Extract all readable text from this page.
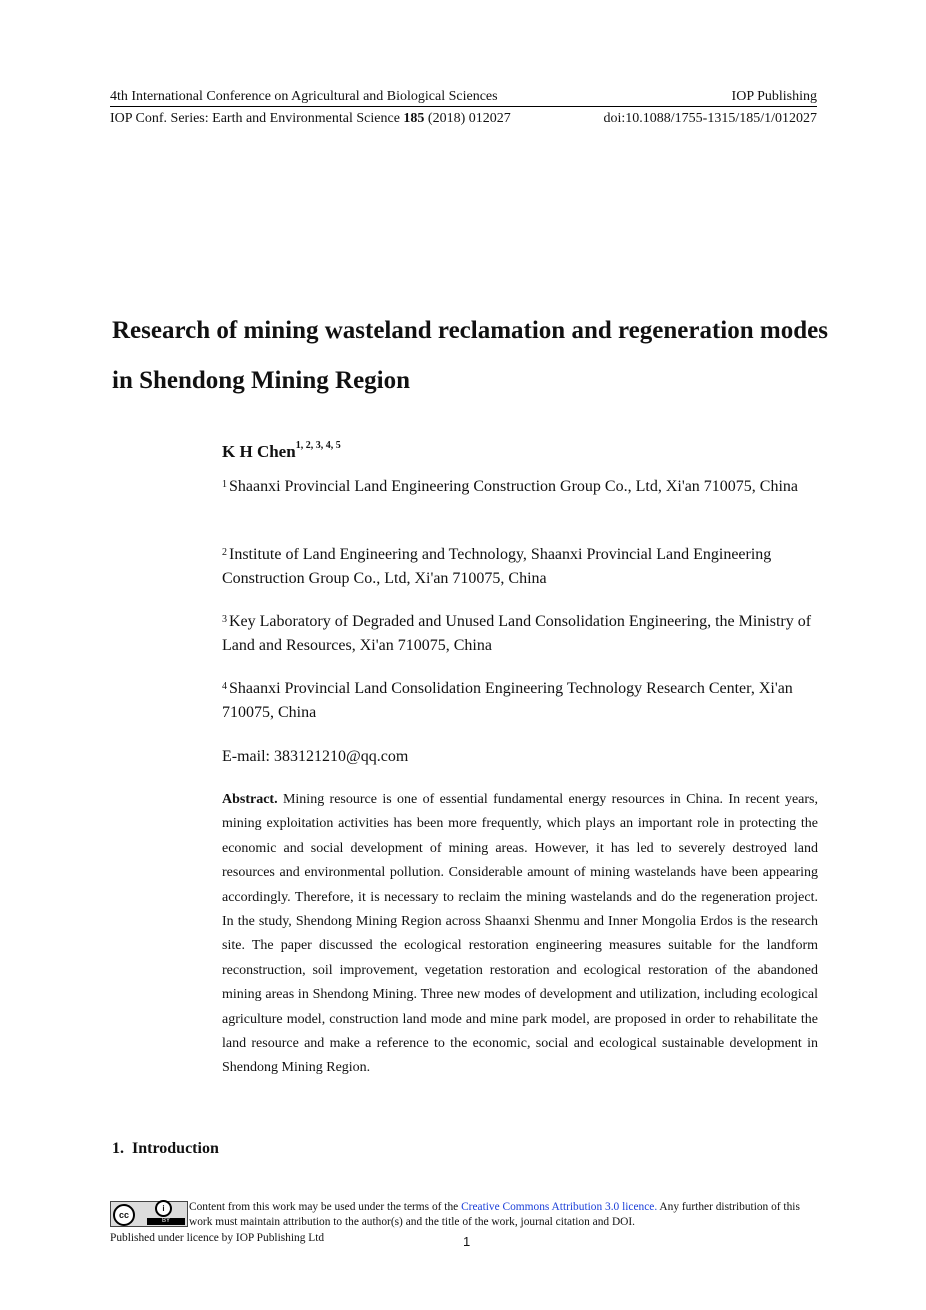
4th International Conference on Agricultural and Biological Sciences	IOP Publishing
IOP Conf. Series: Earth and Environmental Science 185 (2018) 012027	doi:10.1088/1755-1315/185/1/012027
Research of mining wasteland reclamation and regeneration modes in Shendong Mining Region
K H Chen$^{1, 2, 3, 4, 5}$
$^1$ Shaanxi Provincial Land Engineering Construction Group Co., Ltd, Xi'an 710075, China
$^2$ Institute of Land Engineering and Technology, Shaanxi Provincial Land Engineering Construction Group Co., Ltd, Xi'an 710075, China
$^3$ Key Laboratory of Degraded and Unused Land Consolidation Engineering, the Ministry of Land and Resources, Xi'an 710075, China
$^4$ Shaanxi Provincial Land Consolidation Engineering Technology Research Center, Xi'an 710075, China
E-mail: 383121210@qq.com
Abstract. Mining resource is one of essential fundamental energy resources in China. In recent years, mining exploitation activities has been more frequently, which plays an important role in protecting the economic and social development of mining areas. However, it has led to severely destroyed land resources and environmental pollution. Considerable amount of mining wastelands have been appearing accordingly. Therefore, it is necessary to reclaim the mining wastelands and do the regeneration project. In the study, Shendong Mining Region across Shaanxi Shenmu and Inner Mongolia Erdos is the research site. The paper discussed the ecological restoration engineering measures suitable for the landform reconstruction, soil improvement, vegetation restoration and ecological restoration of the abandoned mining areas in Shendong Mining. Three new modes of development and utilization, including ecological agriculture model, construction land mode and mine park model, are proposed in order to rehabilitate the land resource and make a reference to the economic, social and ecological sustainable development in Shendong Mining Region.
1. Introduction
cc
i
BY
Content from this work may be used under the terms of the Creative Commons Attribution 3.0 licence. Any further distribution of this work must maintain attribution to the author(s) and the title of the work, journal citation and DOI.
Published under licence by IOP Publishing Ltd	1
